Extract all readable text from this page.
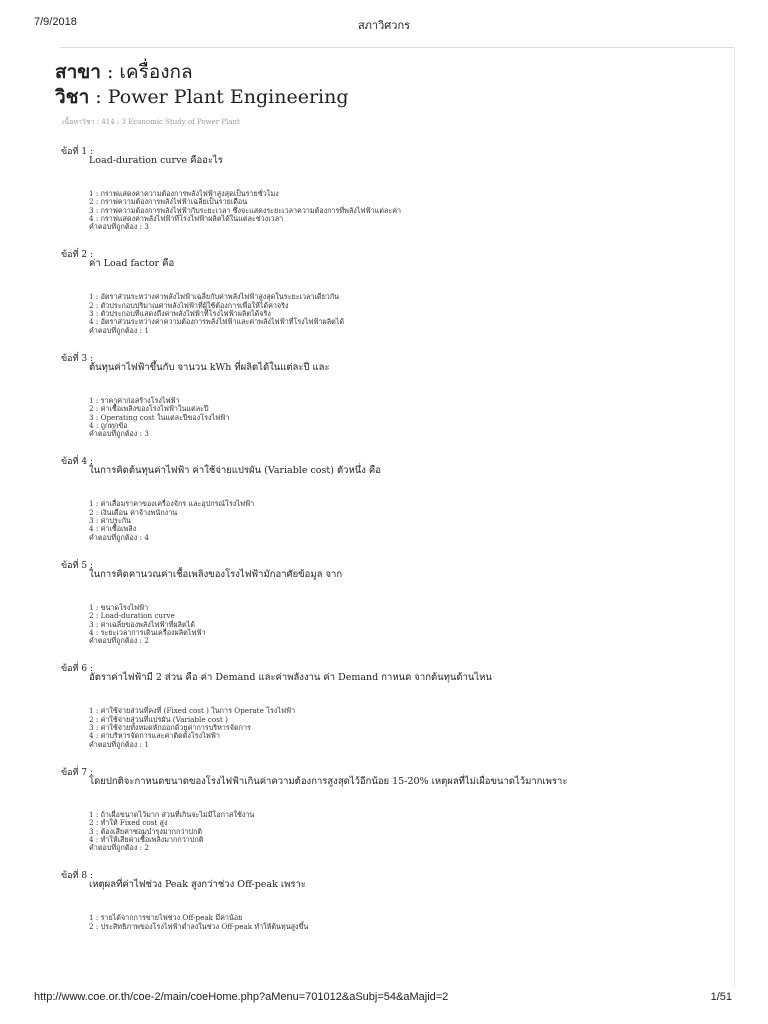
7/9/2018	สภาวิศวกร
สาขา : เครื่องกล
วิชา : Power Plant Engineering
เนื้อหาวิชา : 414 : 3 Economic Study of Power Plant
ข้อที่ 1 :
Load-duration curve คืออะไร
1 : กราฟแสดงค่าความต้องการพลังไฟฟ้าสูงสุดเป็นรายชั่วโมง
2 : กราฟความต้องการพลังไฟฟ้าเฉลี่ยเป็นรายเดือน
3 : กราฟความต้องการพลังไฟฟ้ากับระยะเวลา ซึ่งจะแสดงระยะเวลาความต้องการที่พลังไฟฟ้าแต่ละค่า
4 : กราฟแสดงค่าพลังไฟฟ้าที่โรงไฟฟ้าผลิตได้ในแต่ละช่วงเวลา
คำตอบที่ถูกต้อง : 3
ข้อที่ 2 :
ค่า Load factor คือ
1 : อัตราส่วนระหว่างค่าพลังไฟฟ้าเฉลี่ยกับค่าพลังไฟฟ้าสูงสุดในระยะเวลาเดียวกัน
2 : ตัวประกอบปริมาณค่าพลังไฟฟ้าที่ผู้ใช้ต้องการเพื่อให้ได้ค่าจริง
3 : ตัวประกอบที่แสดงถึงค่าพลังไฟฟ้าที่โรงไฟฟ้าผลิตได้จริง
4 : อัตราส่วนระหว่างค่าความต้องการพลังไฟฟ้าและค่าพลังไฟฟ้าที่โรงไฟฟ้าผลิตได้
คำตอบที่ถูกต้อง : 1
ข้อที่ 3 :
ต้นทุนค่าไฟฟ้าขึ้นกับ จานวน kWh ที่ผลิตได้ในแต่ละปี และ
1 : ราคาค่าก่อสร้างโรงไฟฟ้า
2 : ค่าเชื้อเพลิงของโรงไฟฟ้าในแต่ละปี
3 : Operating cost ในแต่ละปีของโรงไฟฟ้า
4 : ถูกทุกข้อ
คำตอบที่ถูกต้อง : 3
ข้อที่ 4 :
ในการคิดต้นทุนค่าไฟฟ้า ค่าใช้จ่ายแปรผัน (Variable cost) ตัวหนึ่ง คือ
1 : ค่าเสื่อมราคาของเครื่องจักร และอุปกรณ์โรงไฟฟ้า
2 : เงินเดือน ค่าจ้างพนักงาน
3 : ค่าประกัน
4 : ค่าเชื้อเพลิง
คำตอบที่ถูกต้อง : 4
ข้อที่ 5 :
ในการคิดคานวณค่าเชื้อเพลิงของโรงไฟฟ้ามักอาศัยข้อมูล จาก
1 : ขนาดโรงไฟฟ้า
2 : Load-duration curve
3 : ค่าเฉลี่ยของพลังไฟฟ้าที่ผลิตได้
4 : ระยะเวลาการเดินเครื่องผลิตไฟฟ้า
คำตอบที่ถูกต้อง : 2
ข้อที่ 6 :
อัตราค่าไฟฟ้ามี 2 ส่วน คือ ค่า Demand และค่าพลังงาน ค่า Demand กาหนด จากต้นทุนด้านไหน
1 : ค่าใช้จ่ายส่วนที่คงที่ (Fixed cost ) ในการ Operate โรงไฟฟ้า
2 : ค่าใช้จ่ายส่วนที่แปรผัน (Variable cost )
3 : ค่าใช้จ่ายทั้งหมดหักออกด้วยค่าการบริหารจัดการ
4 : ค่าบริหารจัดการและค่าติดตั้งโรงไฟฟ้า
คำตอบที่ถูกต้อง : 1
ข้อที่ 7 :
โดยปกติจะกาหนดขนาดของโรงไฟฟ้าเกินค่าความต้องการสูงสุดไว้อีกน้อย 15-20% เหตุผลที่ไม่เผื่อขนาดไว้มากเพราะ
1 : ถ้าเผื่อขนาดไว้มาก ส่วนที่เกินจะไม่มีโอกาสใช้งาน
2 : ทำให้ Fixed cost สูง
3 : ต้องเสียค่าซ่อมบำรุงมากกว่าปกติ
4 : ทำให้เสียค่าเชื้อเพลิงมากกว่าปกติ
คำตอบที่ถูกต้อง : 2
ข้อที่ 8 :
เหตุผลที่ค่าไฟช่วง Peak สูงกว่าช่วง Off-peak เพราะ
1 : รายได้จากการขายไฟช่วง Off-peak มีค่าน้อย
2 : ประสิทธิภาพของโรงไฟฟ้าต่ำลงในช่วง Off-peak ทำให้ต้นทุนสูงขึ้น
http://www.coe.or.th/coe-2/main/coeHome.php?aMenu=701012&aSubj=54&aMajid=2	1/51
